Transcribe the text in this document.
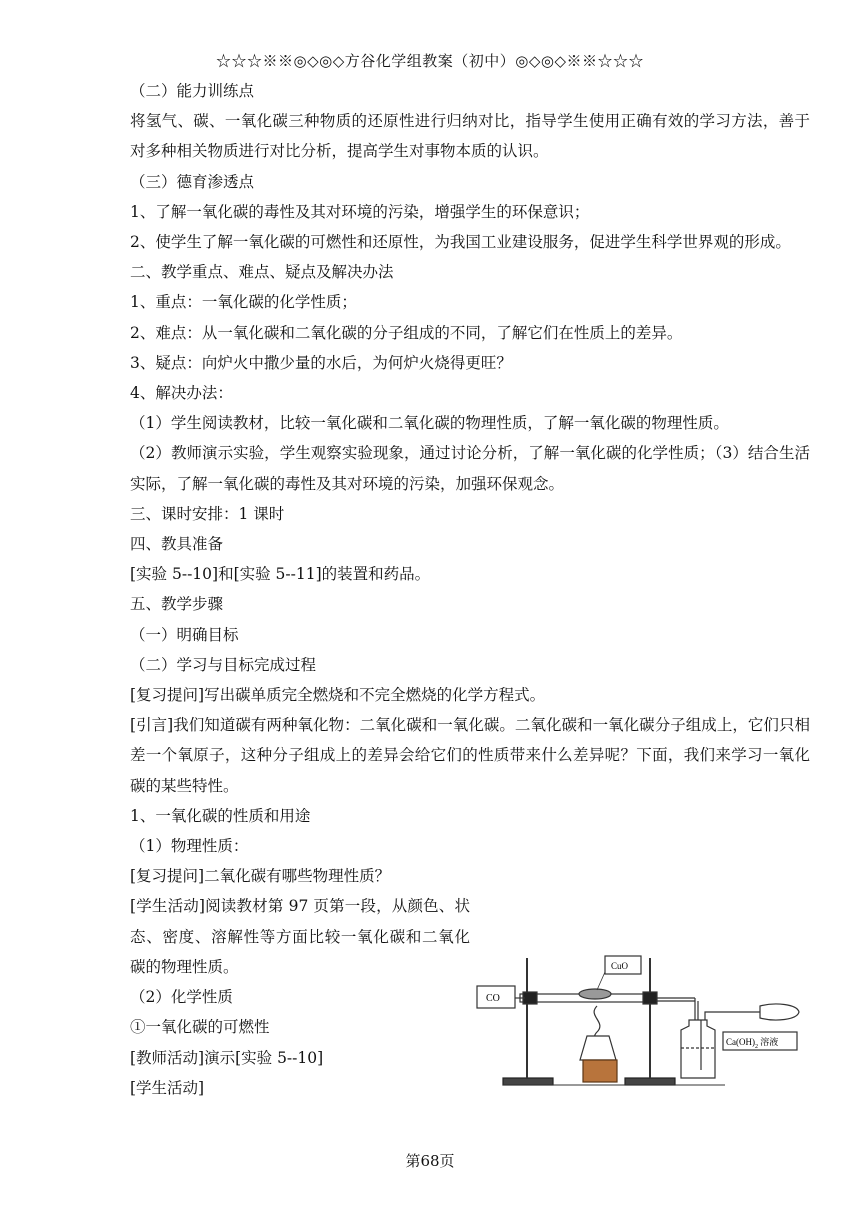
☆☆☆※※◎◇◎◇方谷化学组教案（初中）◎◇◎◇※※☆☆☆
（二）能力训练点
将氢气、碳、一氧化碳三种物质的还原性进行归纳对比，指导学生使用正确有效的学习方法，善于对多种相关物质进行对比分析，提高学生对事物本质的认识。
（三）德育渗透点
1、了解一氧化碳的毒性及其对环境的污染，增强学生的环保意识；
2、使学生了解一氧化碳的可燃性和还原性，为我国工业建设服务，促进学生科学世界观的形成。
二、教学重点、难点、疑点及解决办法
1、重点：一氧化碳的化学性质；
2、难点：从一氧化碳和二氧化碳的分子组成的不同，了解它们在性质上的差异。
3、疑点：向炉火中撒少量的水后，为何炉火烧得更旺？
4、解决办法：
（1）学生阅读教材，比较一氧化碳和二氧化碳的物理性质，了解一氧化碳的物理性质。
（2）教师演示实验，学生观察实验现象，通过讨论分析，了解一氧化碳的化学性质；（3）结合生活实际，了解一氧化碳的毒性及其对环境的污染，加强环保观念。
三、课时安排：1 课时
四、教具准备
[实验 5--10]和[实验 5--11]的装置和药品。
五、教学步骤
（一）明确目标
（二）学习与目标完成过程
[复习提问]写出碳单质完全燃烧和不完全燃烧的化学方程式。
[引言]我们知道碳有两种氧化物：二氧化碳和一氧化碳。二氧化碳和一氧化碳分子组成上，它们只相差一个氧原子，这种分子组成上的差异会给它们的性质带来什么差异呢？下面，我们来学习一氧化碳的某些特性。
1、一氧化碳的性质和用途
（1）物理性质：
[复习提问]二氧化碳有哪些物理性质？
[学生活动]阅读教材第 97 页第一段，从颜色、状态、密度、溶解性等方面比较一氧化碳和二氧化碳的物理性质。
（2）化学性质
①一氧化碳的可燃性
[教师活动]演示[实验 5--10]
[学生活动]
CO
CuO
$Ca(OH)_2$ 溶液
第68页
